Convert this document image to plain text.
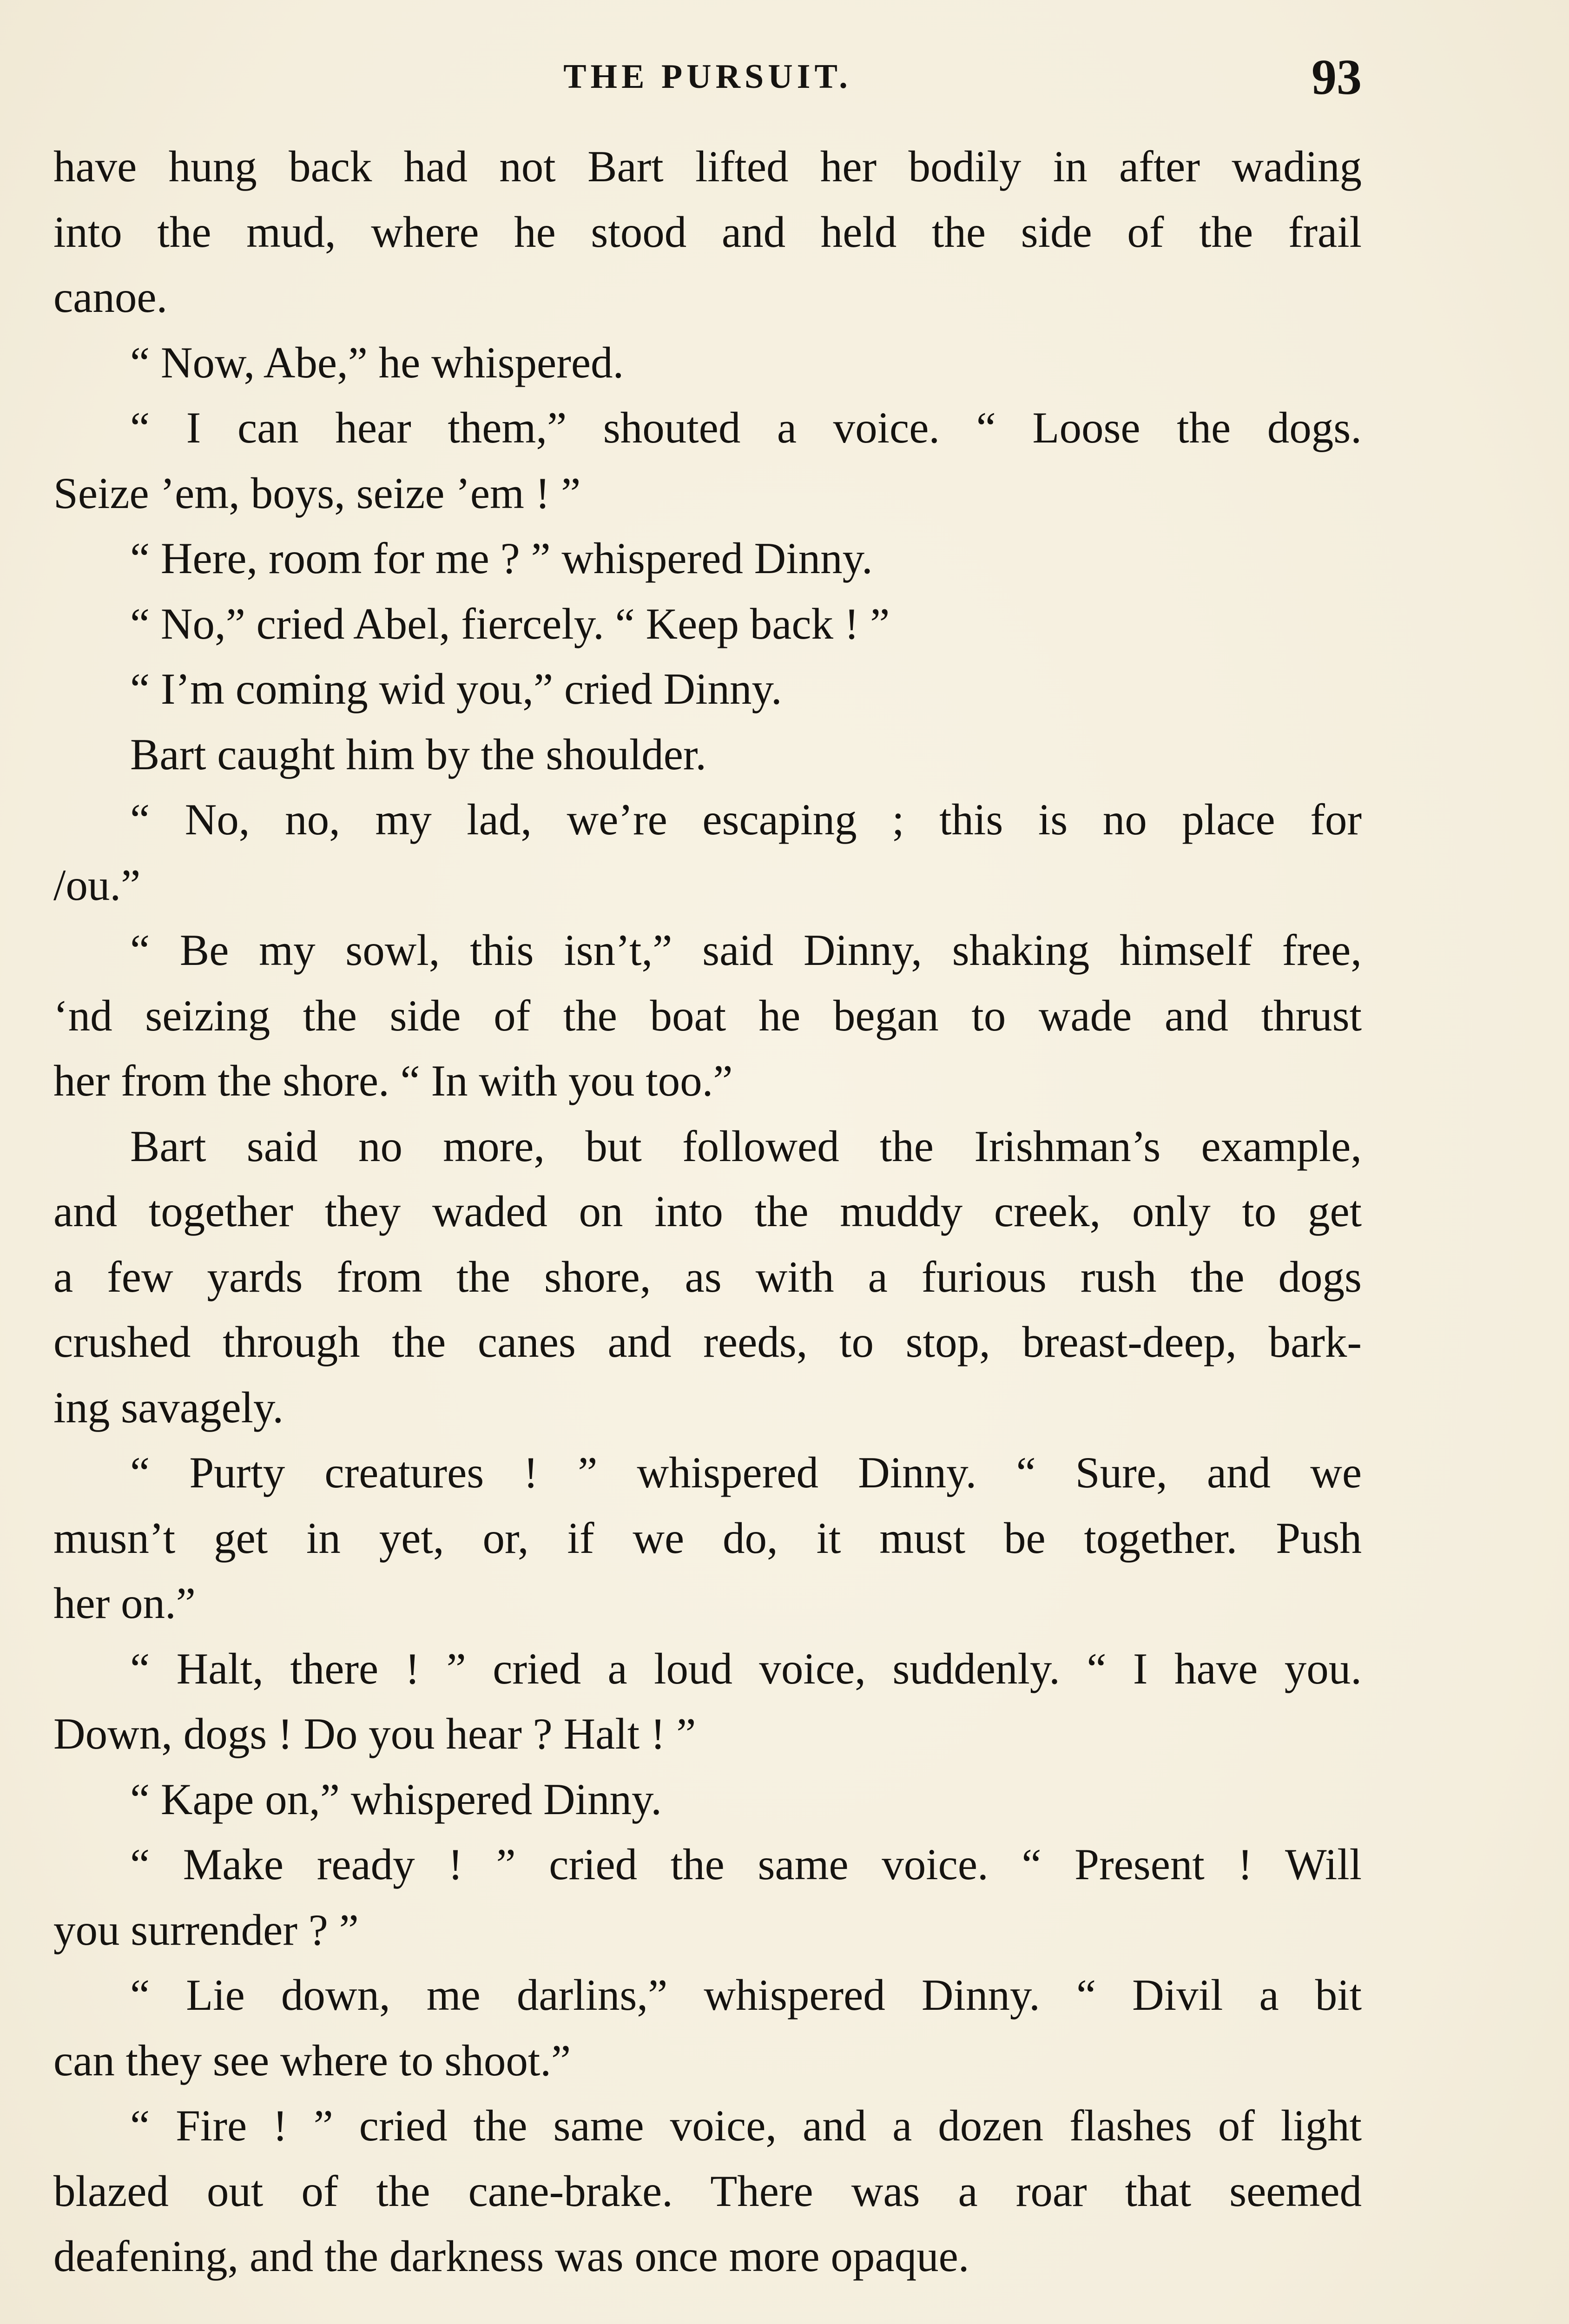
THE PURSUIT.	93
have hung back had not Bart lifted her bodily in after wading
into the mud, where he stood and held the side of the frail
canoe.
“ Now, Abe,” he whispered.
“ I can hear them,” shouted a voice. “ Loose the dogs.
Seize ’em, boys, seize ’em ! ”
“ Here, room for me ? ” whispered Dinny.
“ No,” cried Abel, fiercely. “ Keep back ! ”
“ I’m coming wid you,” cried Dinny.
Bart caught him by the shoulder.
“ No, no, my lad, we’re escaping ; this is no place for
/ou.”
“ Be my sowl, this isn’t,” said Dinny, shaking himself free,
ʻnd seizing the side of the boat he began to wade and thrust
her from the shore. “ In with you too.”
Bart said no more, but followed the Irishman’s example,
and together they waded on into the muddy creek, only to get
a few yards from the shore, as with a furious rush the dogs
crushed through the canes and reeds, to stop, breast-deep, bark-
ing savagely.
“ Purty creatures ! ” whispered Dinny. “ Sure, and we
musn’t get in yet, or, if we do, it must be together. Push
her on.”
“ Halt, there ! ” cried a loud voice, suddenly. “ I have you.
Down, dogs ! Do you hear ? Halt ! ”
“ Kape on,” whispered Dinny.
“ Make ready ! ” cried the same voice. “ Present ! Will
you surrender ? ”
“ Lie down, me darlins,” whispered Dinny. “ Divil a bit
can they see where to shoot.”
“ Fire ! ” cried the same voice, and a dozen flashes of light
blazed out of the cane-brake. There was a roar that seemed
deafening, and the darkness was once more opaque.
